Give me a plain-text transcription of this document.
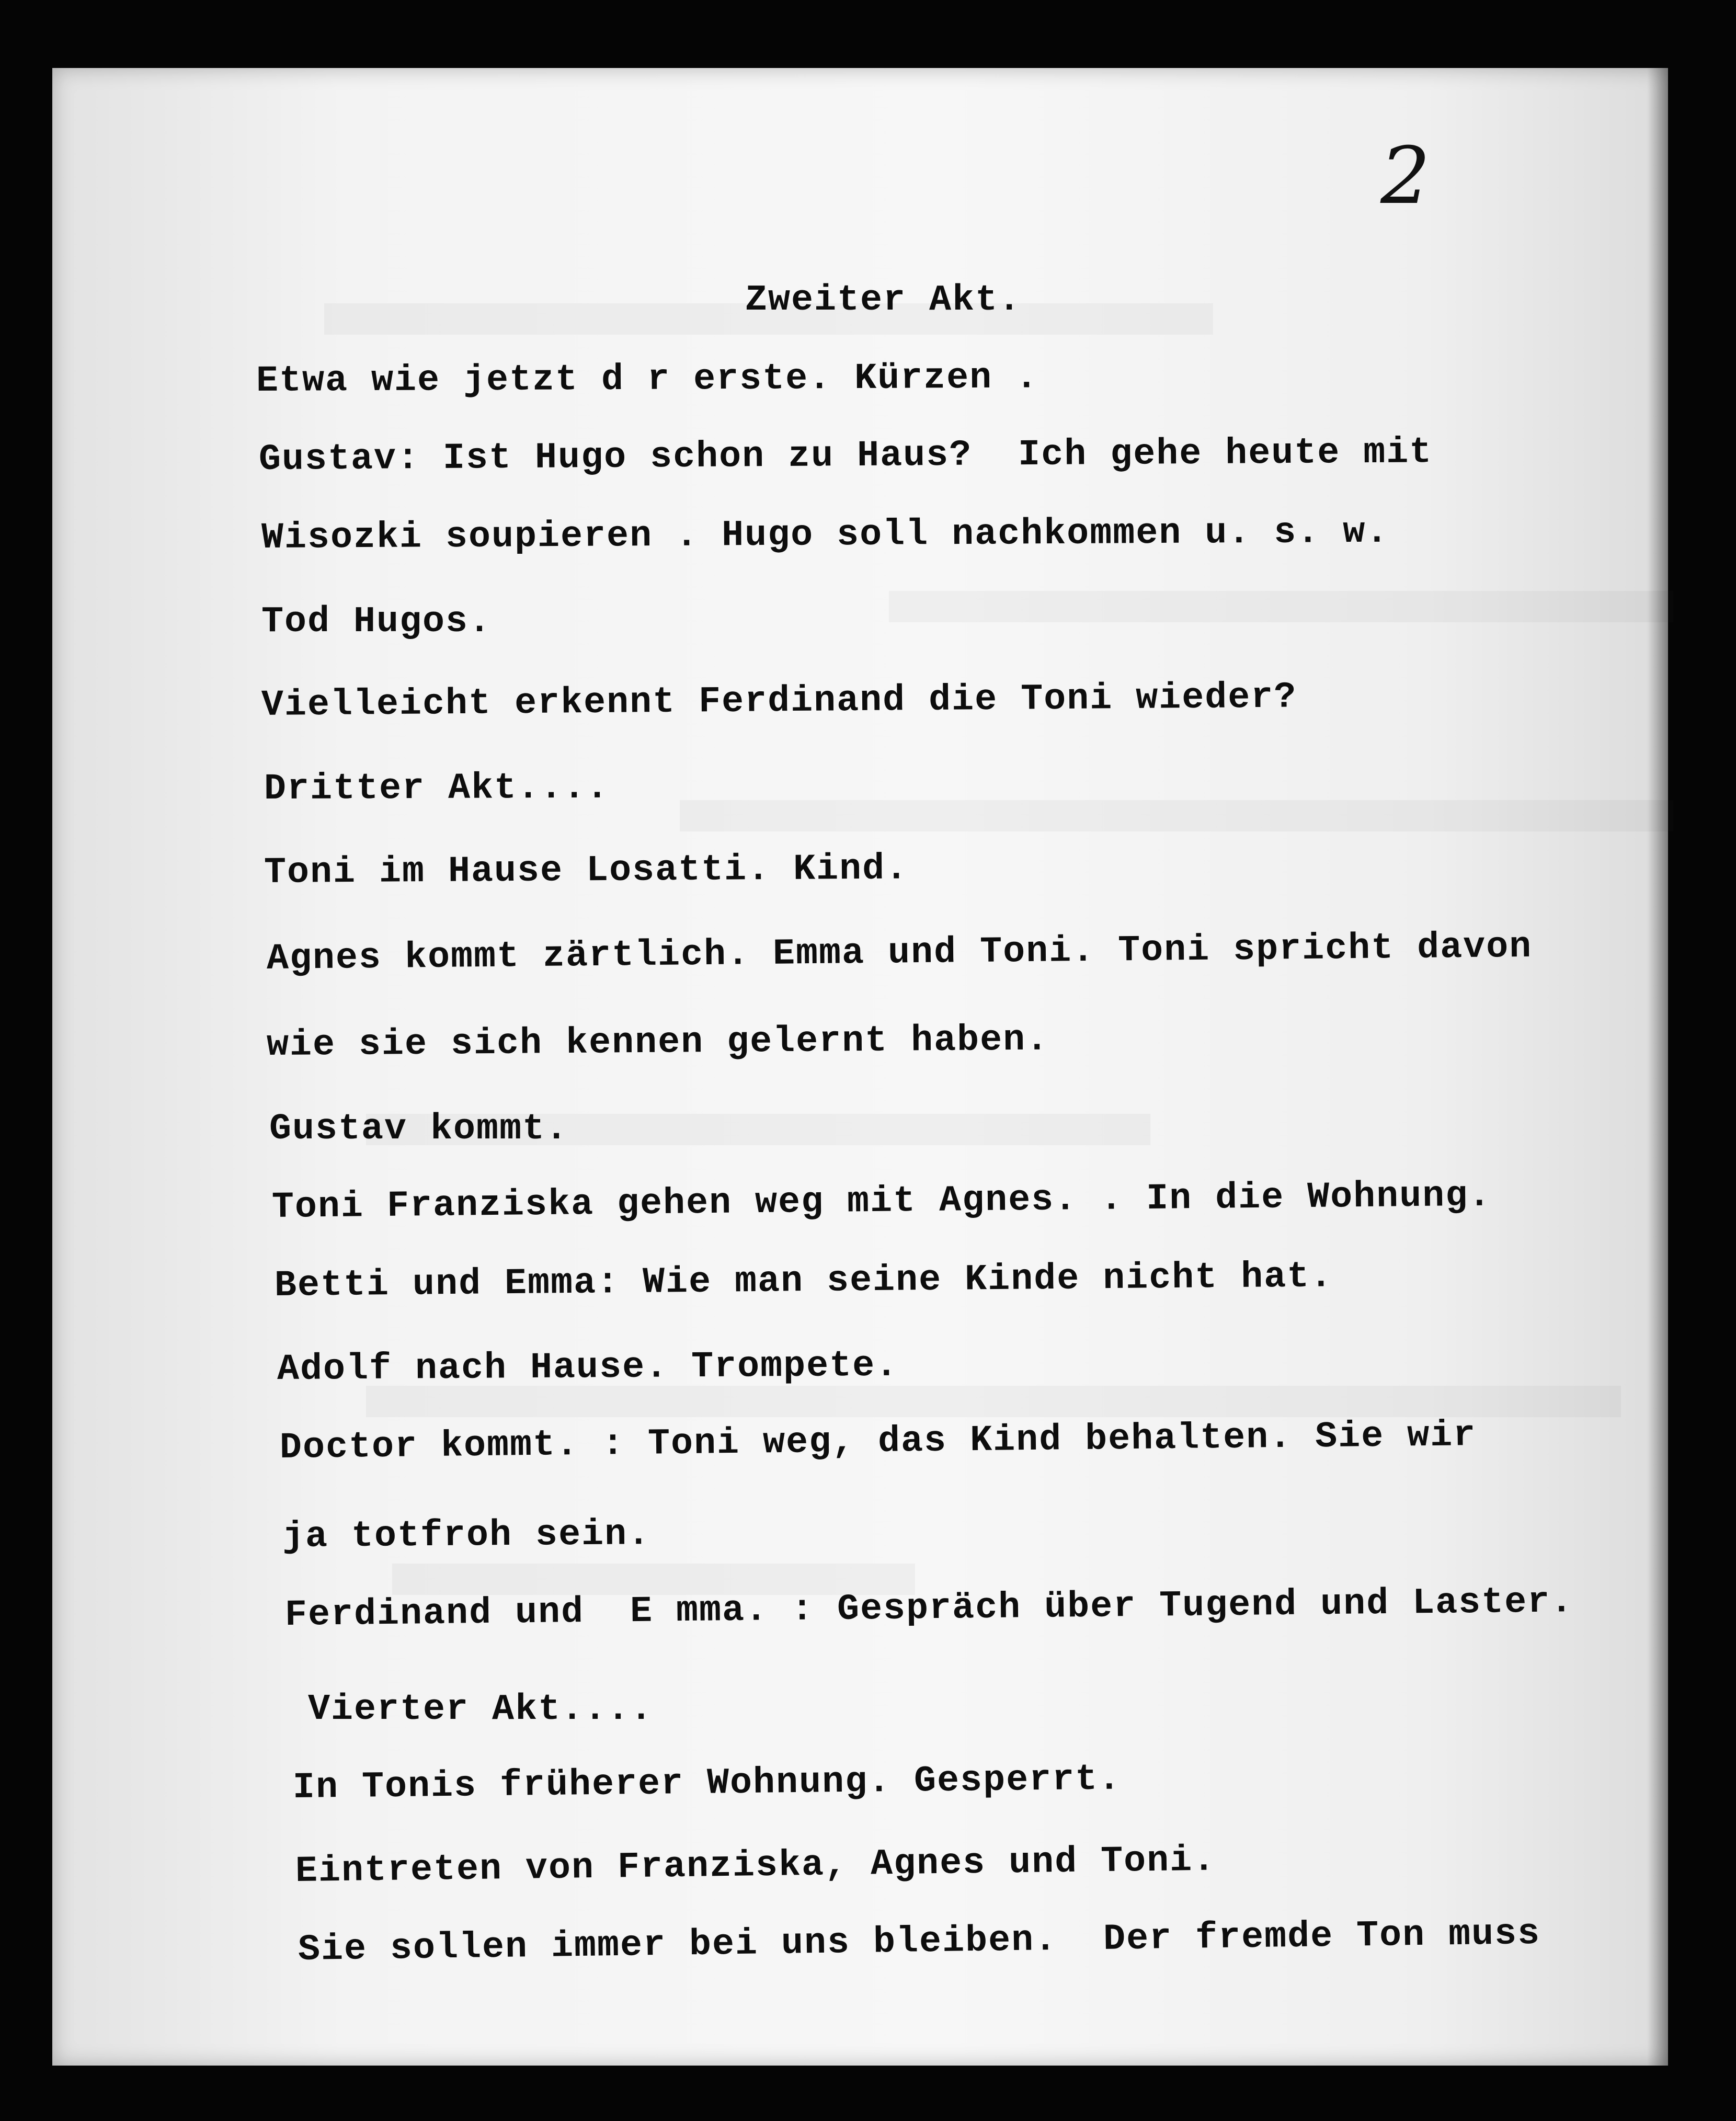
2
Zweiter Akt.
Etwa wie jetzt d r erste. Kürzen .
Gustav: Ist Hugo schon zu Haus?  Ich gehe heute mit
Wisozki soupieren . Hugo soll nachkommen u. s. w.
Tod Hugos.
Vielleicht erkennt Ferdinand die Toni wieder?
Dritter Akt....
Toni im Hause Losatti. Kind.
Agnes kommt zärtlich. Emma und Toni. Toni spricht davon
wie sie sich kennen gelernt haben.
Gustav kommt.
Toni Franziska gehen weg mit Agnes. . In die Wohnung.
Betti und Emma: Wie man seine Kinde nicht hat.
Adolf nach Hause. Trompete.
Doctor kommt. : Toni weg, das Kind behalten. Sie wir
ja totfroh sein.
Ferdinand und  E mma. : Gespräch über Tugend und Laster.
Vierter Akt....
In Tonis früherer Wohnung. Gesperrt.
Eintreten von Franziska, Agnes und Toni.
Sie sollen immer bei uns bleiben.  Der fremde Ton muss
